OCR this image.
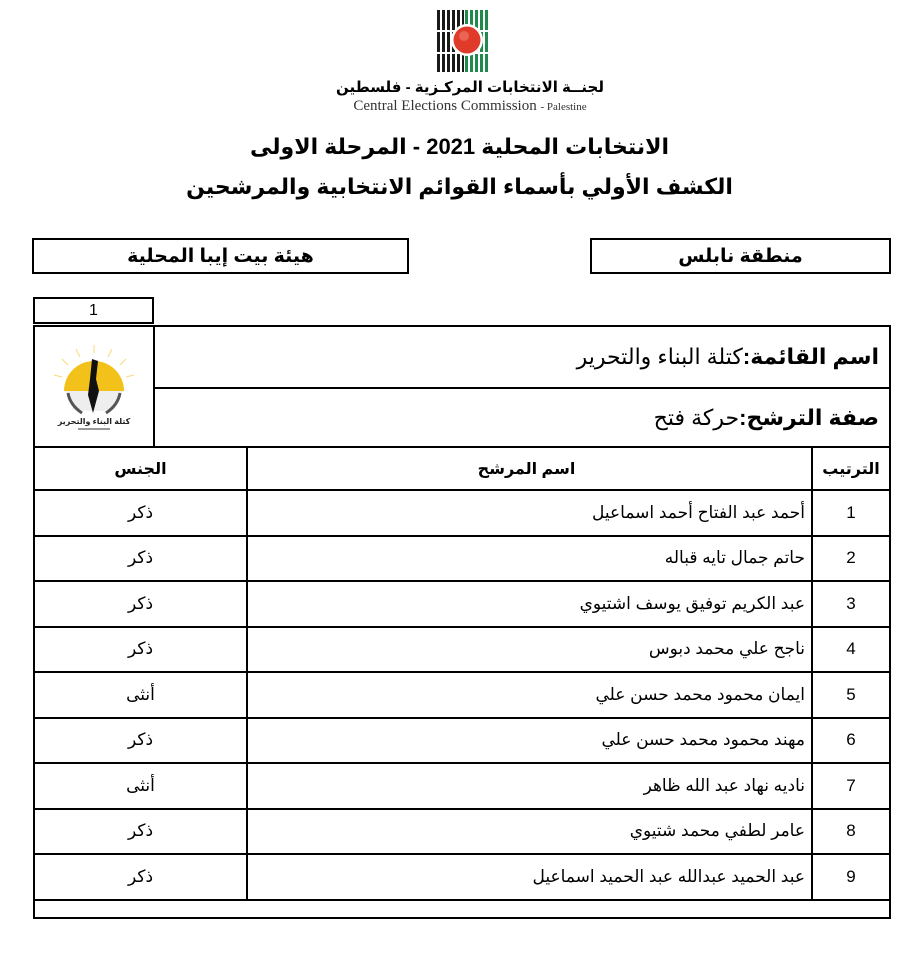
لجنــة الانتخابات المركـزية - فلسطين
Central Elections Commission - Palestine
الانتخابات المحلية 2021 - المرحلة الاولى
الكشف الأولي بأسماء القوائم الانتخابية والمرشحين
هيئة بيت إيبا المحلية	منطقة نابلس
1
كتلة البناء والتحرير
اسم القائمة:
كتلة البناء والتحرير
صفة الترشح:
حركة فتح
الترتيب	اسم المرشح	الجنس
1	أحمد عبد الفتاح أحمد اسماعيل	ذكر
2	حاتم جمال تايه قباله	ذكر
3	عبد الكريم توفيق يوسف اشتيوي	ذكر
4	ناجح علي محمد دبوس	ذكر
5	ايمان محمود محمد حسن علي	أنثى
6	مهند محمود محمد حسن علي	ذكر
7	ناديه نهاد عبد الله ظاهر	أنثى
8	عامر لطفي محمد شتيوي	ذكر
9	عبد الحميد عبدالله عبد الحميد اسماعيل	ذكر
